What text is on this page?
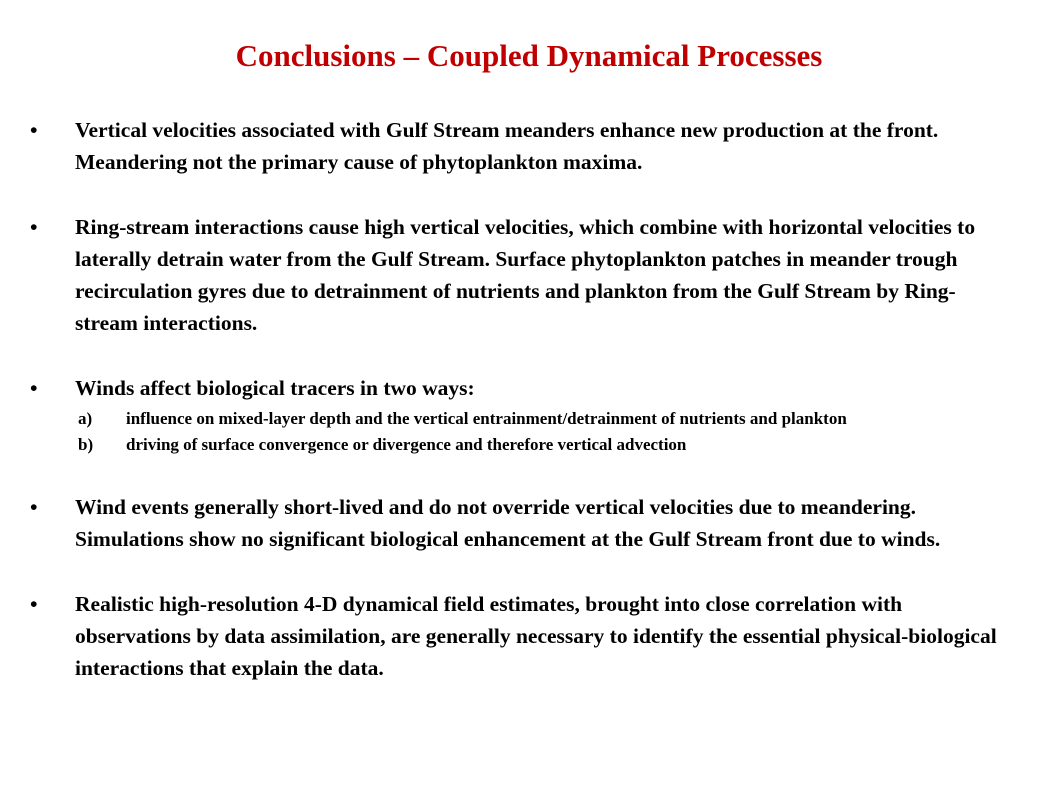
Conclusions – Coupled Dynamical Processes
• Vertical velocities associated with Gulf Stream meanders enhance new production at the front. Meandering not the primary cause of phytoplankton maxima.
• Ring-stream interactions cause high vertical velocities, which combine with horizontal velocities to laterally detrain water from the Gulf Stream. Surface phytoplankton patches in meander trough recirculation gyres due to detrainment of nutrients and plankton from the Gulf Stream by Ring-stream interactions.
• Winds affect biological tracers in two ways:
a) influence on mixed-layer depth and the vertical entrainment/detrainment of nutrients and plankton
b) driving of surface convergence or divergence and therefore vertical advection
• Wind events generally short-lived and do not override vertical velocities due to meandering. Simulations show no significant biological enhancement at the Gulf Stream front due to winds.
• Realistic high-resolution 4-D dynamical field estimates, brought into close correlation with observations by data assimilation, are generally necessary to identify the essential physical-biological interactions that explain the data.
